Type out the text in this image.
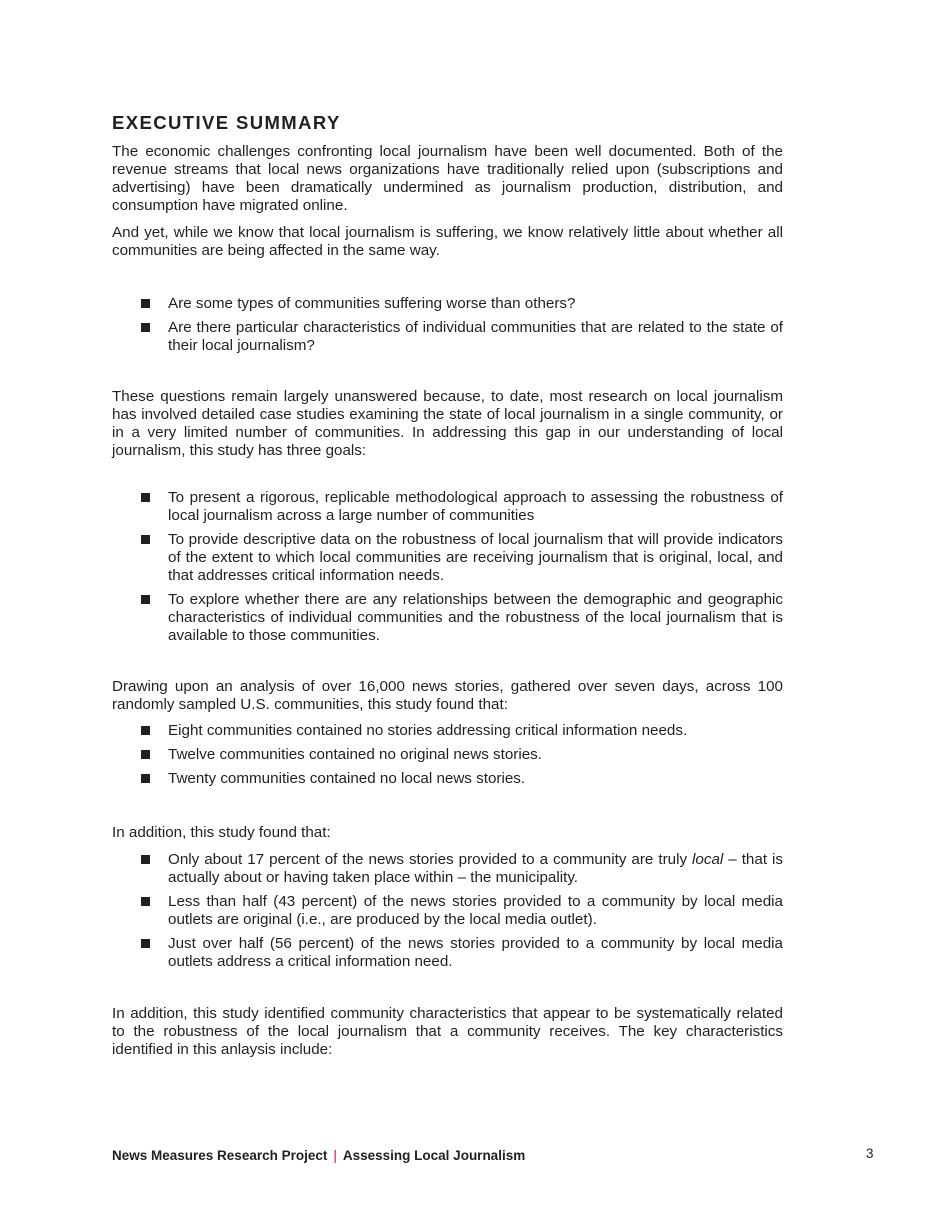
EXECUTIVE SUMMARY

The economic challenges confronting local journalism have been well documented. Both of the revenue streams that local news organizations have traditionally relied upon (subscriptions and advertising) have been dramatically undermined as journalism production, distribution, and consumption have migrated online.

And yet, while we know that local journalism is suffering, we know relatively little about whether all communities are being affected in the same way.

Are some types of communities suffering worse than others?
Are there particular characteristics of individual communities that are related to the state of their local journalism?

These questions remain largely unanswered because, to date, most research on local journalism has involved detailed case studies examining the state of local journalism in a single community, or in a very limited number of communities. In addressing this gap in our understanding of local journalism, this study has three goals:

To present a rigorous, replicable methodological approach to assessing the robustness of local journalism across a large number of communities
To provide descriptive data on the robustness of local journalism that will provide indicators of the extent to which local communities are receiving journalism that is original, local, and that addresses critical information needs.
To explore whether there are any relationships between the demographic and geographic characteristics of individual communities and the robustness of the local journalism that is available to those communities.

Drawing upon an analysis of over 16,000 news stories, gathered over seven days, across 100 randomly sampled U.S. communities, this study found that:

Eight communities contained no stories addressing critical information needs.
Twelve communities contained no original news stories.
Twenty communities contained no local news stories.

In addition, this study found that:

Only about 17 percent of the news stories provided to a community are truly local – that is actually about or having taken place within – the municipality.
Less than half (43 percent) of the news stories provided to a community by local media outlets are original (i.e., are produced by the local media outlet).
Just over half (56 percent) of the news stories provided to a community by local media outlets address a critical information need.

In addition, this study identified community characteristics that appear to be systematically related to the robustness of the local journalism that a community receives. The key characteristics identified in this anlaysis include:

News Measures Research Project | Assessing Local Journalism	3
